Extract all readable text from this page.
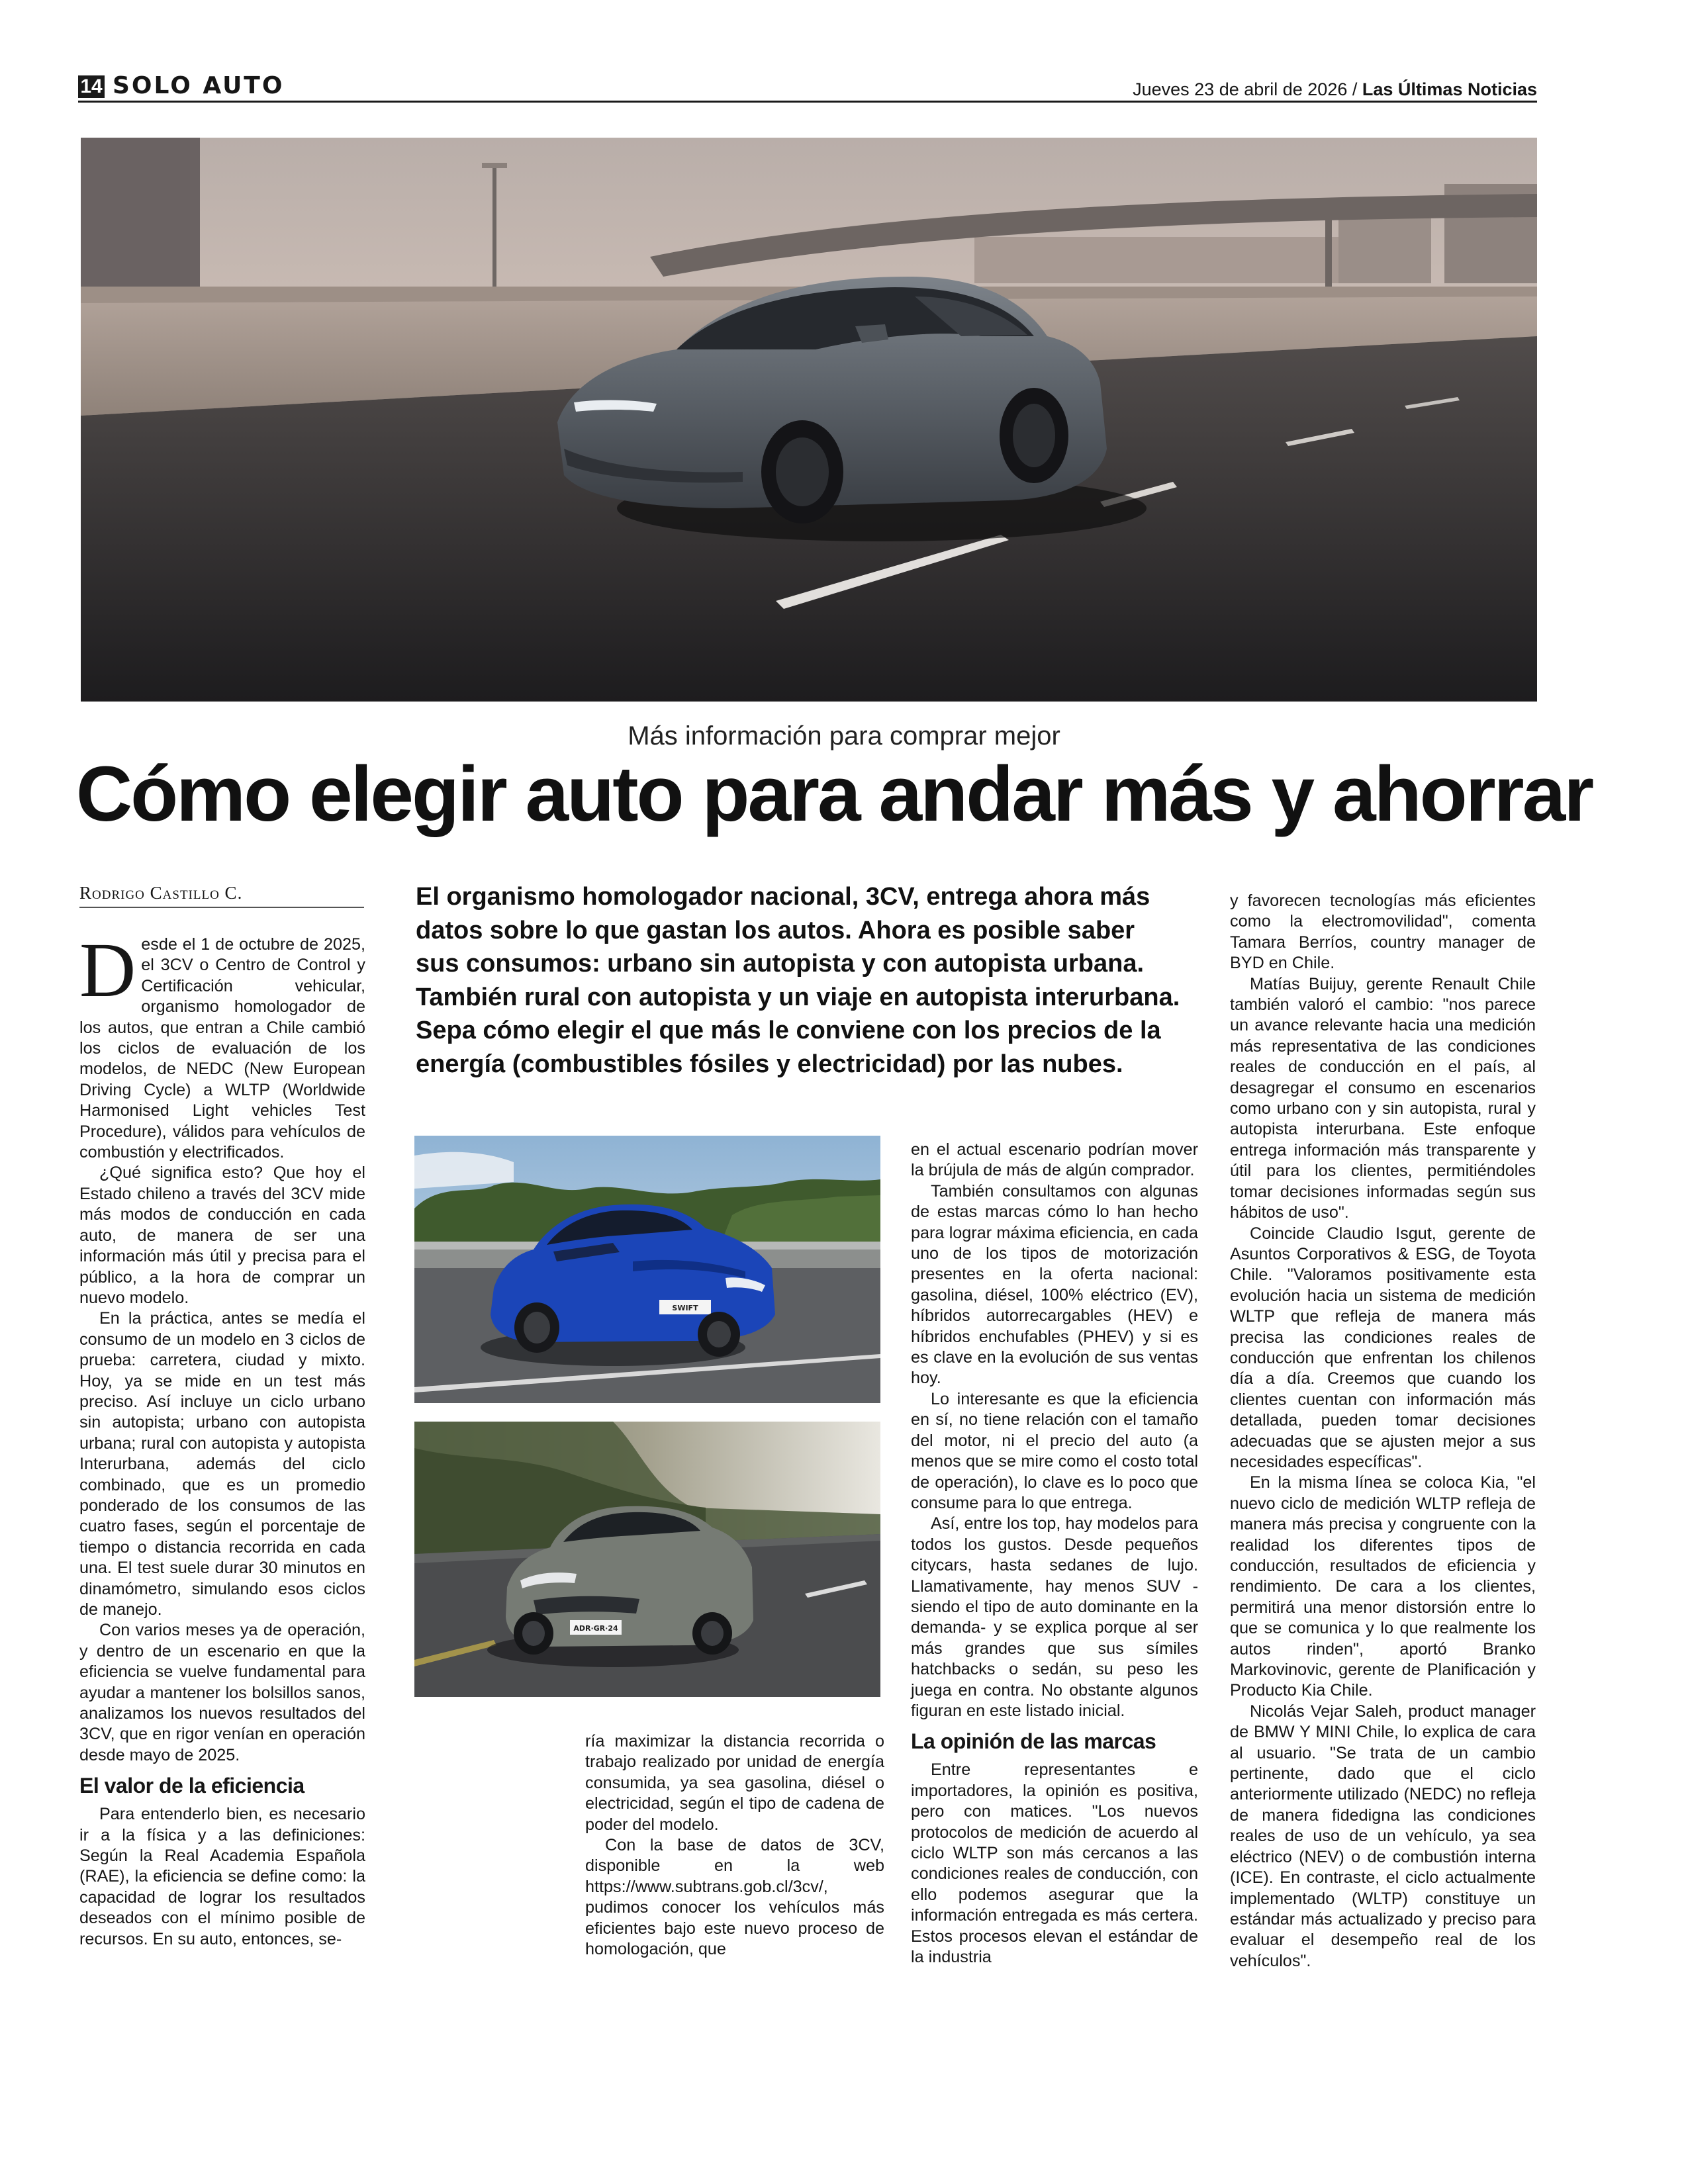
14 SOLO AUTO	Jueves 23 de abril de 2026 / Las Últimas Noticias
Más información para comprar mejor
Cómo elegir auto para andar más y ahorrar
Rodrigo Castillo C.	El organismo homologador nacional, 3CV, entrega ahora más datos sobre lo que gastan los autos. Ahora es posible saber sus consumos: urbano sin autopista y con autopista urbana. También rural con autopista y un viaje en autopista interurbana. Sepa cómo elegir el que más le conviene con los precios de la energía (combustibles fósiles y electricidad) por las nubes.

Desde el 1 de octubre de 2025, el 3CV o Centro de Control y Certificación vehicular, organismo homologador de los autos, que entran a Chile cambió los ciclos de evaluación de los modelos, de NEDC (New European Driving Cycle) a WLTP (Worldwide Harmonised Light vehicles Test Procedure), válidos para vehículos de combustión y electrificados.

¿Qué significa esto? Que hoy el Estado chileno a través del 3CV mide más modos de conducción en cada auto, de manera de ser una información más útil y precisa para el público, a la hora de comprar un nuevo modelo.

En la práctica, antes se medía el consumo de un modelo en 3 ciclos de prueba: carretera, ciudad y mixto. Hoy, ya se mide en un test más preciso. Así incluye un ciclo urbano sin autopista; urbano con autopista urbana; rural con autopista y autopista Interurbana, además del ciclo combinado, que es un promedio ponderado de los consumos de las cuatro fases, según el porcentaje de tiempo o distancia recorrida en cada una. El test suele durar 30 minutos en dinamómetro, simulando esos ciclos de manejo.

Con varios meses ya de operación, y dentro de un escenario en que la eficiencia se vuelve fundamental para ayudar a mantener los bolsillos sanos, analizamos los nuevos resultados del 3CV, que en rigor venían en operación desde mayo de 2025.

El valor de la eficiencia

Para entenderlo bien, es necesario ir a la física y a las definiciones: Según la Real Academia Española (RAE), la eficiencia se define como: la capacidad de lograr los resultados deseados con el mínimo posible de recursos. En su auto, entonces, se-

SWIFT
ADR·GR·24

ría maximizar la distancia recorrida o trabajo realizado por unidad de energía consumida, ya sea gasolina, diésel o electricidad, según el tipo de cadena de poder del modelo.

Con la base de datos de 3CV, disponible en la web https://www.subtrans.gob.cl/3cv/, pudimos conocer los vehículos más eficientes bajo este nuevo proceso de homologación, que

en el actual escenario podrían mover la brújula de más de algún comprador.

También consultamos con algunas de estas marcas cómo lo han hecho para lograr máxima eficiencia, en cada uno de los tipos de motorización presentes en la oferta nacional: gasolina, diésel, 100% eléctrico (EV), híbridos autorrecargables (HEV) e híbridos enchufables (PHEV) y si es es clave en la evolución de sus ventas hoy.

Lo interesante es que la eficiencia en sí, no tiene relación con el tamaño del motor, ni el precio del auto (a menos que se mire como el costo total de operación), lo clave es lo poco que consume para lo que entrega.

Así, entre los top, hay modelos para todos los gustos. Desde pequeños citycars, hasta sedanes de lujo. Llamativamente, hay menos SUV -siendo el tipo de auto dominante en la demanda- y se explica porque al ser más grandes que sus símiles hatchbacks o sedán, su peso les juega en contra. No obstante algunos figuran en este listado inicial.

La opinión de las marcas

Entre representantes e importadores, la opinión es positiva, pero con matices. "Los nuevos protocolos de medición de acuerdo al ciclo WLTP son más cercanos a las condiciones reales de conducción, con ello podemos asegurar que la información entregada es más certera. Estos procesos elevan el estándar de la industria

y favorecen tecnologías más eficientes como la electromovilidad", comenta Tamara Berríos, country manager de BYD en Chile.

Matías Buijuy, gerente Renault Chile también valoró el cambio: "nos parece un avance relevante hacia una medición más representativa de las condiciones reales de conducción en el país, al desagregar el consumo en escenarios como urbano con y sin autopista, rural y autopista interurbana. Este enfoque entrega información más transparente y útil para los clientes, permitiéndoles tomar decisiones informadas según sus hábitos de uso".

Coincide Claudio Isgut, gerente de Asuntos Corporativos & ESG, de Toyota Chile. "Valoramos positivamente esta evolución hacia un sistema de medición WLTP que refleja de manera más precisa las condiciones reales de conducción que enfrentan los chilenos día a día. Creemos que cuando los clientes cuentan con información más detallada, pueden tomar decisiones adecuadas que se ajusten mejor a sus necesidades específicas".

En la misma línea se coloca Kia, "el nuevo ciclo de medición WLTP refleja de manera más precisa y congruente con la realidad los diferentes tipos de conducción, resultados de eficiencia y rendimiento. De cara a los clientes, permitirá una menor distorsión entre lo que se comunica y lo que realmente los autos rinden", aportó Branko Markovinovic, gerente de Planificación y Producto Kia Chile.

Nicolás Vejar Saleh, product manager de BMW Y MINI Chile, lo explica de cara al usuario. "Se trata de un cambio pertinente, dado que el ciclo anteriormente utilizado (NEDC) no refleja de manera fidedigna las condiciones reales de uso de un vehículo, ya sea eléctrico (NEV) o de combustión interna (ICE). En contraste, el ciclo actualmente implementado (WLTP) constituye un estándar más actualizado y preciso para evaluar el desempeño real de los vehículos".
